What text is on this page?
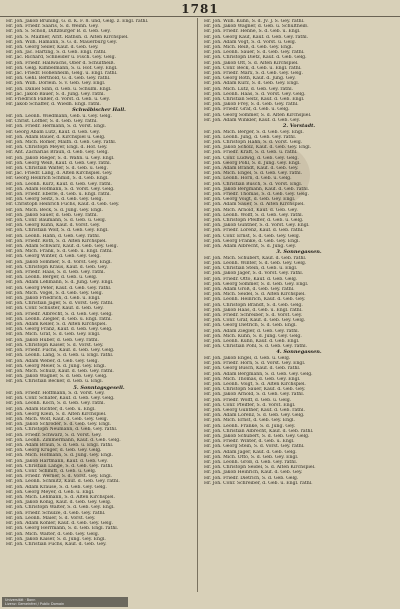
1781
Hr. Joh. Jakob Brüning, G. d. K. F. 8. und, Gelg. z. Engl. rathl.
Hr. Joh. Friedr. Saaris, S. d. Weinh. Gey.
Hr. Joh. S. Scholl, Diltzburger B. d. Geb. Gey.
Hr. Joh. S. Maifner, Arzt. Rathsh. d. Alten Kirchspiel.
Hr. Joh. Wilh. Hamann, S. G. d. Mauerburg Gey.
Hr. Joh. Georg Seiler, Kauf. d. Geb. Gey.
Hr. Joh. Jac. Harting, S. d. Geb. Engl. rathl.
Hr. Jac. Richard, Schneider u. Fisch. Gey. Gelg.
Hr. Joh. Friedr. Hallwachs, Ober d. Schultheiß.
Hr. Joh. Gelg. Kimbelmann, S. u. Hof. Gey. Engl.
Hr. Jac. Friedr. Hohenheim, Gelg. u. Engl. rathl.
Hr. Joh. Gehl. Berthold, G. d. Geb. Gey. rathl.
Hr. Joh. Wilh. Dörlein. S. v. Geb. Gey. Engl.
Hr. Joh. Daniel Sinn, d. Geb. u. Schulm. Engl.
Hr. Jac. Jakob Bauer, S. d. Jung. Gey. rathl.
Hr. Friedrich Fäßler, d. Vorst. d. Geb. u. Gey.
Hr. Jakob Schäffer, d. Wiedh. Engl. rathl.
Schwäbischer Hall.
Hr. Joh. Leonh. Wiedmann, Geb. u. Gey. Gelg.
Hr. Christ. Löffler, S. d. Geb. Gey. rathl.
Hr. Joh. Friedr. Hermann, S. d. Vorst. Engl.
Hr. Georg Abam Lutz, Kauf. d. Geb. Gey.
Hr. Joh. Adam Bauer, d. Kirchspiel u. Gelg.
Hr. Joh. Mich. Römer, Maifn. d. Geb. Gey. rathl.
Hr. Joh. Christoph Meyer, Engl. d. Hof. Gey.
Hr. Ant. Zacharias Braun, d. Geb. Gey. Gelg.
Hr. Joh. Jakob Rieger, S. d. Wahn. u. Gey. Engl.
Hr. Joh. Georg Weiß, Kauf. d. Geb. Gey. rathl.
Hr. Joh. Christian Walter, S. d. Geb. u. Gelg.
Hr. Jac. Friedr. Lang, d. Alten Kirchspiel. Gey.
Hr. Georg Heinrich Schmid, S. d. Geb. Engl.
Hr. Joh. Leonh. Kurz, Kauf. d. Geb. Gey. rathl.
Hr. Joh. Adam Hofmann, S. d. Vorst. Gey. Gelg.
Hr. Joh. Friedr. Eberle, d. Geb. u. Engl. rathl.
Hr. Joh. Georg Seitz, S. d. Geb. Gey. Gelg.
Hr. Christoph Heinrich Fuchs, Kauf. d. Geb. Gey.
Hr. Joh. Mich. Beck, S. d. Jung. Gey. Engl.
Hr. Joh. Jakob Sauer, d. Geb. Gey. rathl.
Hr. Joh. Conr. Baumann, S. d. Geb. u. Gelg.
Hr. Joh. Georg Kuhn, Kauf. d. Vorst. Gey.
Hr. Joh. Christian Wolf, S. d. Geb. Gey. Engl.
Hr. Joh. Leonh. Hahn, d. Geb. Gey. rathl.
Hr. Joh. Friedr. Roth, S. d. Alten Kirchspiel.
Hr. Joh. Adam Schwarz, Kauf. d. Geb. Gey. Gelg.
Hr. Joh. Mich. Frank, S. d. Geb. u. Engl. rathl.
Hr. Joh. Georg Winter, d. Geb. Gey. Gelg.
Hr. Joh. Jakob Sommer, S. d. Vorst. Gey. Engl.
Hr. Joh. Christoph Kraus, Kauf. d. Geb. Gey.
Hr. Joh. Friedr. Haas, S. d. Geb. Gey. rathl.
Hr. Joh. Leonh. Berger, d. Geb. u. Gelg.
Hr. Joh. Adam Lehmann, S. d. Jung. Gey. Engl.
Hr. Joh. Georg Peter, Kauf. d. Geb. Gey. rathl.
Hr. Joh. Mich. Vogel, S. d. Geb. Gey. Gelg.
Hr. Joh. Jakob Friedrich, d. Geb. u. Engl.
Hr. Joh. Christian Jäger, S. d. Vorst. Gey. rathl.
Hr. Joh. Conr. Schuster, Kauf. d. Geb. Gey.
Hr. Joh. Friedr. Albrecht, S. d. Geb. Gey. Gelg.
Hr. Joh. Leonh. Ziegler, d. Geb. u. Engl. rathl.
Hr. Joh. Adam Keller, S. d. Alten Kirchspiel.
Hr. Joh. Georg Franz, Kauf. d. Geb. Gey. Gelg.
Hr. Joh. Mich. Graf, S. d. Geb. Gey. Engl.
Hr. Joh. Jakob Huber, d. Geb. Gey. rathl.
Hr. Joh. Christoph Kaiser, S. d. Vorst. Gey.
Hr. Joh. Friedr. Fuchs, Kauf. d. Geb. Gey. Gelg.
Hr. Joh. Leonh. Lang, S. d. Geb. u. Engl. rathl.
Hr. Joh. Adam Weber, d. Geb. Gey. Gelg.
Hr. Joh. Georg Meier, S. d. Jung. Gey. Engl.
Hr. Joh. Mich. Schulz, Kauf. d. Geb. Gey. rathl.
Hr. Joh. Jakob Wagner, S. d. Geb. Gey. Gelg.
Hr. Joh. Christian Becker, d. Geb. u. Engl.
5. Sonntagsgesell.
Hr. Joh. Friedr. Hoffmann, S. d. Vorst. Gey.
Hr. Joh. Conr. Schäfer, Kauf. d. Geb. Gey. Gelg.
Hr. Joh. Leonh. Koch, S. d. Geb. Gey. rathl.
Hr. Joh. Adam Richter, d. Geb. u. Engl.
Hr. Joh. Georg Klein, S. d. Alten Kirchspiel.
Hr. Joh. Mich. Wolf, Kauf. d. Geb. Gey. Gelg.
Hr. Joh. Jakob Schröder, S. d. Geb. Gey. Engl.
Hr. Joh. Christoph Neumann, d. Geb. Gey. rathl.
Hr. Joh. Friedr. Schwarz, S. d. Vorst. Gey.
Hr. Joh. Leonh. Zimmermann, Kauf. d. Geb. Gelg.
Hr. Joh. Adam Braun, S. d. Geb. u. Engl. rathl.
Hr. Joh. Georg Krüger, d. Geb. Gey. Gelg.
Hr. Joh. Mich. Hofmann, S. d. Jung. Gey. Engl.
Hr. Joh. Jakob Hartmann, Kauf. d. Geb. Gey.
Hr. Joh. Christian Lange, S. d. Geb. Gey. rathl.
Hr. Joh. Conr. Schmitt, d. Geb. u. Gelg.
Hr. Joh. Friedr. Werner, S. d. Vorst. Gey. Engl.
Hr. Joh. Leonh. Schmitz, Kauf. d. Geb. Gey. rathl.
Hr. Joh. Adam Krause, S. d. Geb. Gey. Gelg.
Hr. Joh. Georg Meyer, d. Geb. u. Engl.
Hr. Joh. Mich. Lehmann, S. d. Alten Kirchspiel.
Hr. Joh. Jakob König, Kauf. d. Geb. Gey. Gelg.
Hr. Joh. Christoph Walter, S. d. Geb. Gey. Engl.
Hr. Joh. Friedr. Schulze, d. Geb. Gey. rathl.
Hr. Joh. Leonh. Maier, S. d. Vorst. Gey.
Hr. Joh. Adam Köhler, Kauf. d. Geb. Gey. Gelg.
Hr. Joh. Georg Herrmann, S. d. Geb. Engl. rathl.
Hr. Joh. Mich. Walter, d. Geb. Gey. Gelg.
Hr. Joh. Jakob Kaiser, S. d. Jung. Gey. Engl.
Hr. Joh. Christian Fuchs, Kauf. d. Geb. Gey.
Hr. Joh. Wilh. Kühn, S. d. Jv. J. S. Gey. rathl.
Hr. Joh. Jakob Wagner, d. Geb. u. Schultheiß.
Hr. Joh. Friedr. Henne, S. d. Geb. u. Engl.
Hr. Joh. Georg Kauf, Kauf. d. Geb. Gey. rathl.
Hr. Joh. Adam Vogt, S. d. Vorst. u. Gelg.
Hr. Joh. Mich. Reiß, d. Geb. Gey. Engl.
Hr. Joh. Leonh. Sauer, S. d. Geb. Gey. rathl.
Hr. Joh. Christoph Dietz, Kauf. d. Geb. Gelg.
Hr. Joh. Jakob Ott, S. d. Alten Kirchspiel.
Hr. Joh. Conr. Beck, d. Geb. u. Engl. rathl.
Hr. Joh. Friedr. Marx, S. d. Geb. Gey. Gelg.
Hr. Joh. Georg Roth, Kauf. d. Jung. Gey.
Hr. Joh. Adam Kurz, S. d. Geb. Gey. Engl.
Hr. Joh. Mich. Lutz, d. Geb. Gey. rathl.
Hr. Joh. Leonh. Haas, S. d. Vorst. Gey. Gelg.
Hr. Joh. Christian Seitz, Kauf. d. Geb. Engl.
Hr. Joh. Jakob Frey, S. d. Geb. Gey. rathl.
Hr. Joh. Friedr. Graf, d. Geb. u. Gelg.
Hr. Joh. Georg Sommer, S. d. Alten Kirchspiel.
Hr. Joh. Adam Winkler, Kauf. d. Geb. Gey.
2. Vorstadt.
Hr. Joh. Mich. Berger, S. d. Geb. Gey. Engl.
Hr. Joh. Leonh. Jung, d. Geb. Gey. rathl.
Hr. Joh. Christoph Hahn, S. d. Vorst. Gelg.
Hr. Joh. Jakob Scholz, Kauf. d. Geb. Gey. Engl.
Hr. Joh. Friedr. Kraft, S. d. Geb. u. rathl.
Hr. Joh. Conr. Ludwig, d. Geb. Gey. Gelg.
Hr. Joh. Georg Pohl, S. d. Jung. Gey. Engl.
Hr. Joh. Adam Brandt, Kauf. d. Geb. Gey.
Hr. Joh. Mich. Engel, S. d. Geb. Gey. rathl.
Hr. Joh. Leonh. Horn, d. Geb. u. Gelg.
Hr. Joh. Christian Busch, S. d. Vorst. Engl.
Hr. Joh. Jakob Bergmann, Kauf. d. Geb. rathl.
Hr. Joh. Friedr. Thomas, S. d. Geb. Gey. Gelg.
Hr. Joh. Georg Voigt, d. Geb. Gey. Engl.
Hr. Joh. Adam Sauer, S. d. Alten Kirchspiel.
Hr. Joh. Mich. Arnold, Kauf. d. Geb. Gey.
Hr. Joh. Leonh. Wolff, S. d. Geb. Gey. rathl.
Hr. Joh. Christoph Pfeiffer, d. Geb. u. Gelg.
Hr. Joh. Jakob Günther, S. d. Vorst. Gey. Engl.
Hr. Joh. Friedr. Lorenz, Kauf. d. Geb. rathl.
Hr. Joh. Conr. Ernst, S. d. Geb. Gey. Gelg.
Hr. Joh. Georg Franke, d. Geb. Gey. Engl.
Hr. Joh. Adam Albrecht, S. d. Jung. Gey.
3. Sonnegassen.
Hr. Joh. Mich. Schubert, Kauf. d. Geb. rathl.
Hr. Joh. Leonh. Winter, S. d. Geb. Gey. Gelg.
Hr. Joh. Christian Stein, d. Geb. u. Engl.
Hr. Joh. Jakob Jäger, S. d. Vorst. Gey. rathl.
Hr. Joh. Friedr. Otto, Kauf. d. Geb. Gelg.
Hr. Joh. Georg Sommer, S. d. Geb. Gey. Engl.
Hr. Joh. Adam Groß, d. Geb. Gey. rathl.
Hr. Joh. Mich. Seidel, S. d. Alten Kirchspiel.
Hr. Joh. Leonh. Heinrich, Kauf. d. Geb. Gey.
Hr. Joh. Christoph Brandt, S. d. Geb. Gelg.
Hr. Joh. Jakob Haas, d. Geb. u. Engl. rathl.
Hr. Joh. Friedr. Schreiber, S. d. Vorst. Gey.
Hr. Joh. Conr. Graf, Kauf. d. Geb. Gey. Gelg.
Hr. Joh. Georg Dietrich, S. d. Geb. Engl.
Hr. Joh. Adam Ziegler, d. Geb. Gey. rathl.
Hr. Joh. Mich. Kuhn, S. d. Jung. Gey. Gelg.
Hr. Joh. Leonh. Kühn, Kauf. d. Geb. Engl.
Hr. Joh. Christian Pohl, S. d. Geb. Gey. rathl.
4. Sonnegassen.
Hr. Joh. Jakob Engel, d. Geb. u. Gelg.
Hr. Joh. Friedr. Horn, S. d. Vorst. Gey. Engl.
Hr. Joh. Georg Busch, Kauf. d. Geb. rathl.
Hr. Joh. Adam Bergmann, S. d. Geb. Gey. Gelg.
Hr. Joh. Mich. Thomas, d. Geb. Gey. Engl.
Hr. Joh. Leonh. Voigt, S. d. Alten Kirchspiel.
Hr. Joh. Christoph Sauer, Kauf. d. Geb. Gey.
Hr. Joh. Jakob Arnold, S. d. Geb. Gey. rathl.
Hr. Joh. Friedr. Wolff, d. Geb. u. Gelg.
Hr. Joh. Conr. Pfeiffer, S. d. Vorst. Engl.
Hr. Joh. Georg Günther, Kauf. d. Geb. rathl.
Hr. Joh. Adam Lorenz, S. d. Geb. Gey. Gelg.
Hr. Joh. Mich. Ernst, d. Geb. Gey. Engl.
Hr. Joh. Leonh. Franke, S. d. Jung. Gey.
Hr. Joh. Christian Albrecht, Kauf. d. Geb. rathl.
Hr. Joh. Jakob Schubert, S. d. Geb. Gey. Gelg.
Hr. Joh. Friedr. Winter, d. Geb. u. Engl.
Hr. Joh. Georg Stein, S. d. Vorst. Gey. rathl.
Hr. Joh. Adam Jäger, Kauf. d. Geb. Gelg.
Hr. Joh. Mich. Otto, S. d. Geb. Gey. Engl.
Hr. Joh. Leonh. Groß, d. Geb. Gey. rathl.
Hr. Joh. Christoph Seidel, S. d. Alten Kirchspiel.
Hr. Joh. Jakob Heinrich, Kauf. d. Geb. Gey.
Hr. Joh. Friedr. Dietrich, S. d. Geb. Gelg.
Hr. Joh. Conr. Schreiber, d. Geb. u. Engl. rathl.
Universität · Bonn
Lizenz: Gemeinfrei / Public Domain
